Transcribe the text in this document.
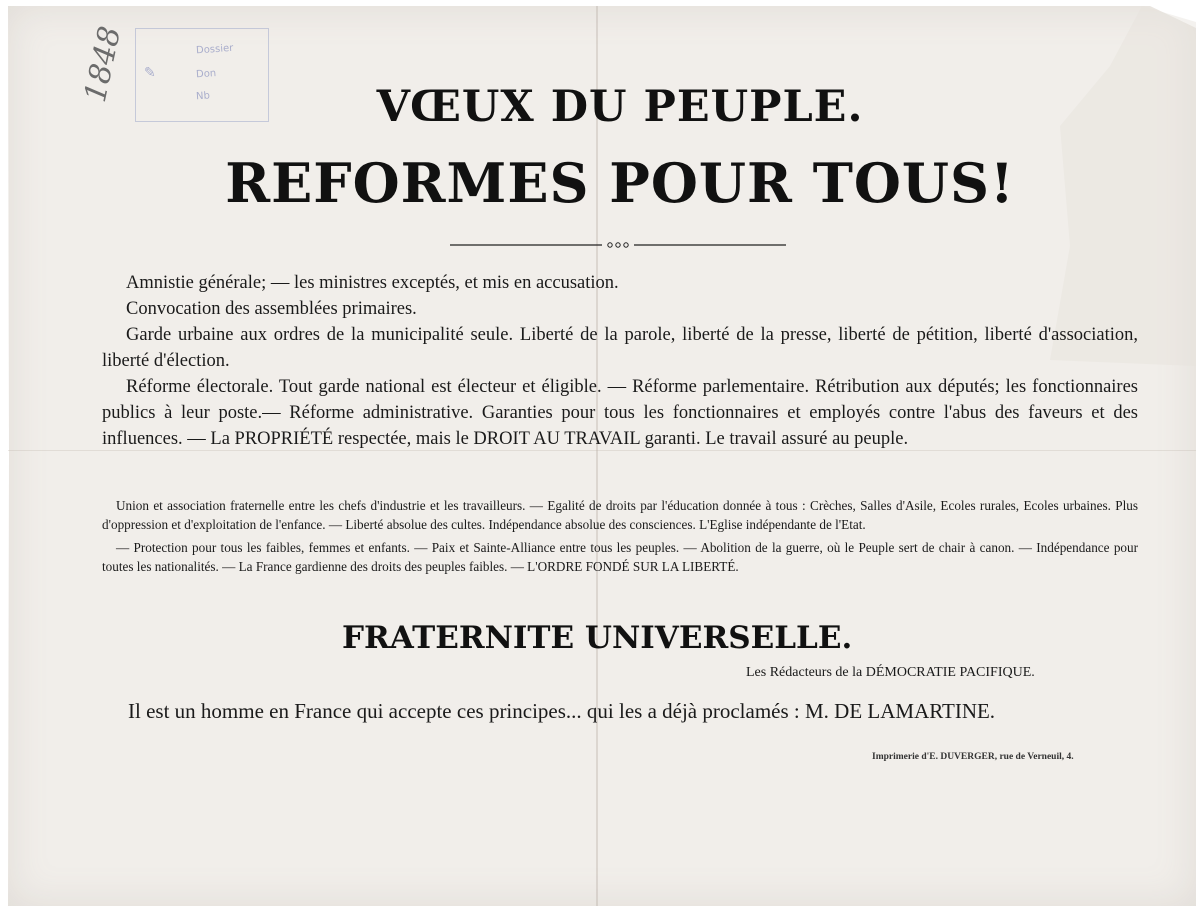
✎
Dossier
Don
Nb
1848
VŒUX DU PEUPLE.
REFORMES POUR TOUS!

Amnistie générale; — les ministres exceptés, et mis en accusation.

Convocation des assemblées primaires.

Garde urbaine aux ordres de la municipalité seule. Liberté de la parole, liberté de la presse, liberté de pétition, liberté d'association, liberté d'élection.

Réforme électorale. Tout garde national est électeur et éligible. — Réforme parlementaire. Rétribution aux députés; les fonctionnaires publics à leur poste.— Réforme administrative. Garanties pour tous les fonctionnaires et employés contre l'abus des faveurs et des influences. — La PROPRIÉTÉ respectée, mais le DROIT AU TRAVAIL garanti. Le travail assuré au peuple.

Union et association fraternelle entre les chefs d'industrie et les travailleurs. — Egalité de droits par l'éducation donnée à tous : Crèches, Salles d'Asile, Ecoles rurales, Ecoles urbaines. Plus d'oppression et d'exploitation de l'enfance. — Liberté absolue des cultes. Indépendance absolue des consciences. L'Eglise indépendante de l'Etat.

— Protection pour tous les faibles, femmes et enfants. — Paix et Sainte-Alliance entre tous les peuples. — Abolition de la guerre, où le Peuple sert de chair à canon. — Indépendance pour toutes les nationalités. — La France gardienne des droits des peuples faibles. — L'ORDRE FONDÉ SUR LA LIBERTÉ.

FRATERNITE UNIVERSELLE.
Les Rédacteurs de la DÉMOCRATIE PACIFIQUE.
Il est un homme en France qui accepte ces principes... qui les a déjà proclamés : M. DE LAMARTINE.
Imprimerie d'E. DUVERGER, rue de Verneuil, 4.
